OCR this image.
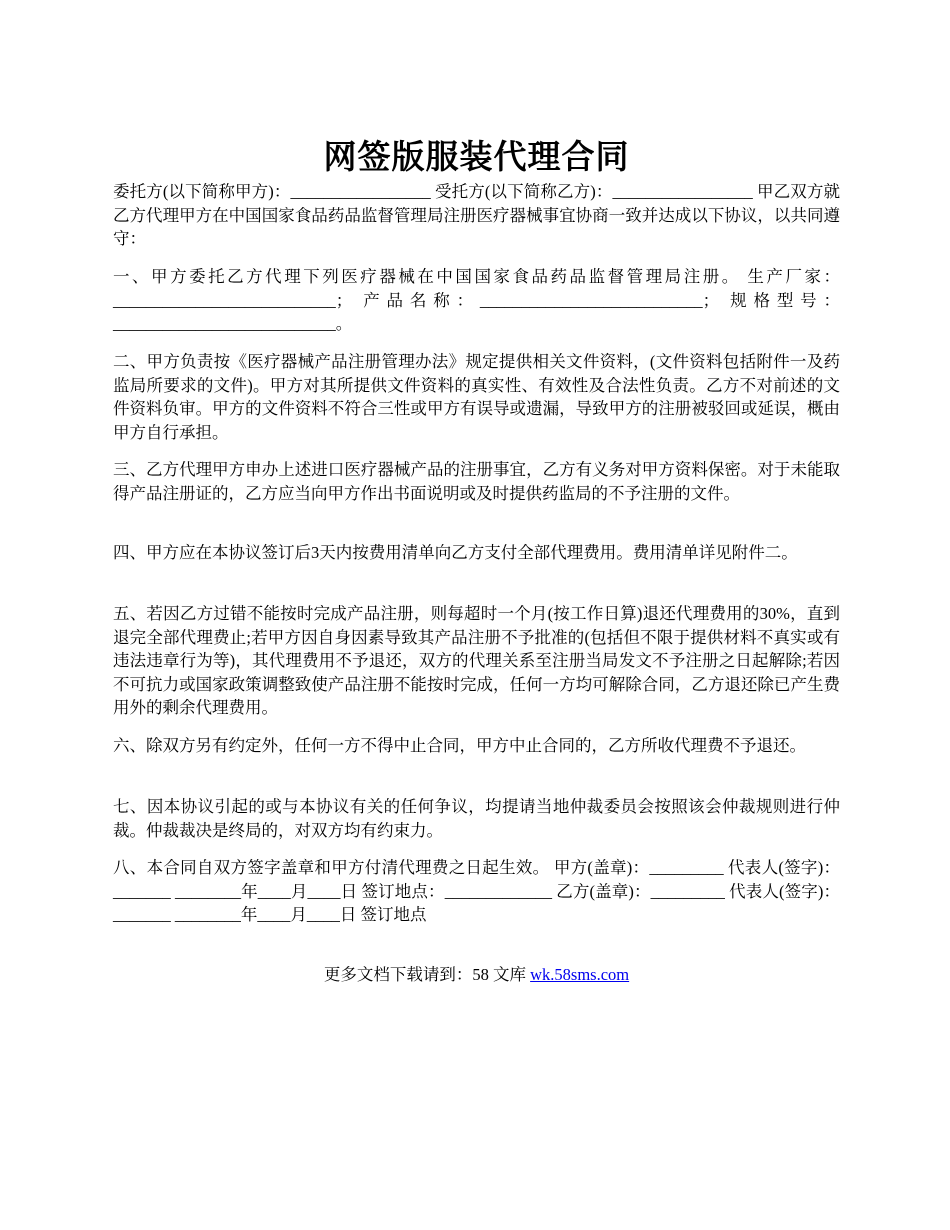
网签版服装代理合同

委托方(以下简称甲方)：_________________ 受托方(以下简称乙方)：_________________ 甲乙双方就乙方代理甲方在中国国家食品药品监督管理局注册医疗器械事宜协商一致并达成以下协议，以共同遵守：

一、甲方委托乙方代理下列医疗器械在中国国家食品药品监督管理局注册。 生产厂家：___________________________； 产品名称：___________________________； 规格型号：___________________________。

二、甲方负责按《医疗器械产品注册管理办法》规定提供相关文件资料，(文件资料包括附件一及药监局所要求的文件)。甲方对其所提供文件资料的真实性、有效性及合法性负责。乙方不对前述的文件资料负审。甲方的文件资料不符合三性或甲方有误导或遗漏，导致甲方的注册被驳回或延误，概由甲方自行承担。

三、乙方代理甲方申办上述进口医疗器械产品的注册事宜，乙方有义务对甲方资料保密。对于未能取得产品注册证的，乙方应当向甲方作出书面说明或及时提供药监局的不予注册的文件。

四、甲方应在本协议签订后3天内按费用清单向乙方支付全部代理费用。费用清单详见附件二。

五、若因乙方过错不能按时完成产品注册，则每超时一个月(按工作日算)退还代理费用的30%，直到退完全部代理费止;若甲方因自身因素导致其产品注册不予批准的(包括但不限于提供材料不真实或有违法违章行为等)，其代理费用不予退还，双方的代理关系至注册当局发文不予注册之日起解除;若因不可抗力或国家政策调整致使产品注册不能按时完成，任何一方均可解除合同，乙方退还除已产生费用外的剩余代理费用。

六、除双方另有约定外，任何一方不得中止合同，甲方中止合同的，乙方所收代理费不予退还。

七、因本协议引起的或与本协议有关的任何争议，均提请当地仲裁委员会按照该会仲裁规则进行仲裁。仲裁裁决是终局的，对双方均有约束力。

八、本合同自双方签字盖章和甲方付清代理费之日起生效。 甲方(盖章)：_________ 代表人(签字)：_______ ________年____月____日 签订地点：_____________ 乙方(盖章)：_________ 代表人(签字)：_______ ________年____月____日 签订地点

更多文档下载请到：58 文库 wk.58sms.com
